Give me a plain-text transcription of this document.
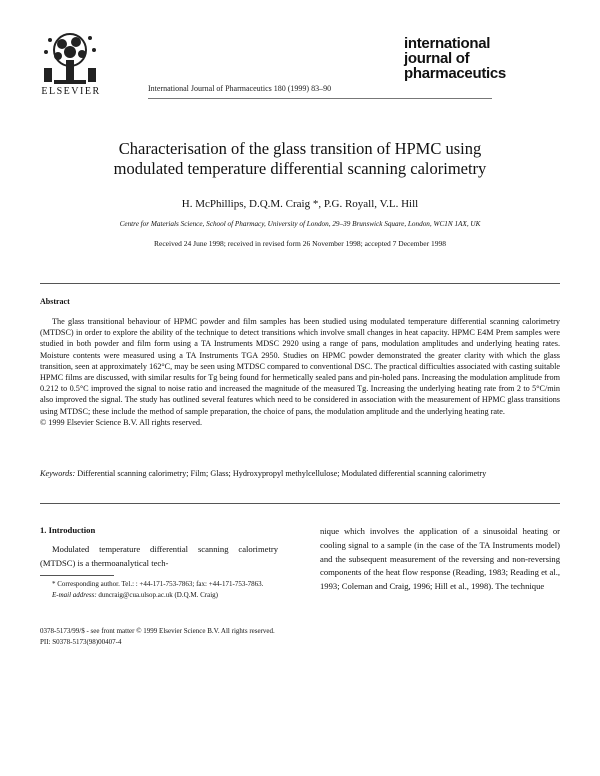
ELSEVIER	International Journal of Pharmaceutics 180 (1999) 83–90
international
journal of
pharmaceutics
Characterisation of the glass transition of HPMC using
modulated temperature differential scanning calorimetry
H. McPhillips, D.Q.M. Craig *, P.G. Royall, V.L. Hill
Centre for Materials Science, School of Pharmacy, University of London, 29–39 Brunswick Square, London, WC1N 1AX, UK
Received 24 June 1998; received in revised form 26 November 1998; accepted 7 December 1998
Abstract

The glass transitional behaviour of HPMC powder and film samples has been studied using modulated temperature differential scanning calorimetry (MTDSC) in order to explore the ability of the technique to detect transitions which involve small changes in heat capacity. HPMC E4M Prem samples were studied in both powder and film form using a TA Instruments MDSC 2920 using a range of pans, modulation amplitudes and underlying heating rates. Moisture contents were measured using a TA Instruments TGA 2950. Studies on HPMC powder demonstrated the greater clarity with which the glass transition, seen at approximately 162°C, may be seen using MTDSC compared to conventional DSC. The practical difficulties associated with casting suitable HPMC films are discussed, with similar results for Tg being found for hermetically sealed pans and pin-holed pans. Increasing the modulation amplitude from 0.212 to 0.5°C improved the signal to noise ratio and increased the magnitude of the measured Tg. Increasing the underlying heating rate from 2 to 5°C/min also improved the signal. The study has outlined several features which need to be considered in association with the measurement of HPMC glass transitions using MTDSC; these include the method of sample preparation, the choice of pans, the modulation amplitude and the underlying heating rate.

© 1999 Elsevier Science B.V. All rights reserved.
Keywords: Differential scanning calorimetry; Film; Glass; Hydroxypropyl methylcellulose; Modulated differential scanning calorimetry

1. Introduction

Modulated temperature differential scanning calorimetry (MTDSC) is a thermoanalytical tech-

* Corresponding author. Tel.: : +44-171-753-7863; fax: +44-171-753-7863.

E-mail address: duncraig@cua.ulsop.ac.uk (D.Q.M. Craig)

nique which involves the application of a sinusoidal heating or cooling signal to a sample (in the case of the TA Instruments model) and the subsequent measurement of the reversing and non-reversing components of the heat flow response (Reading, 1983; Reading et al., 1993; Coleman and Craig, 1996; Hill et al., 1998). The technique

0378-5173/99/$ - see front matter © 1999 Elsevier Science B.V. All rights reserved.
PII: S0378-5173(98)00407-4
